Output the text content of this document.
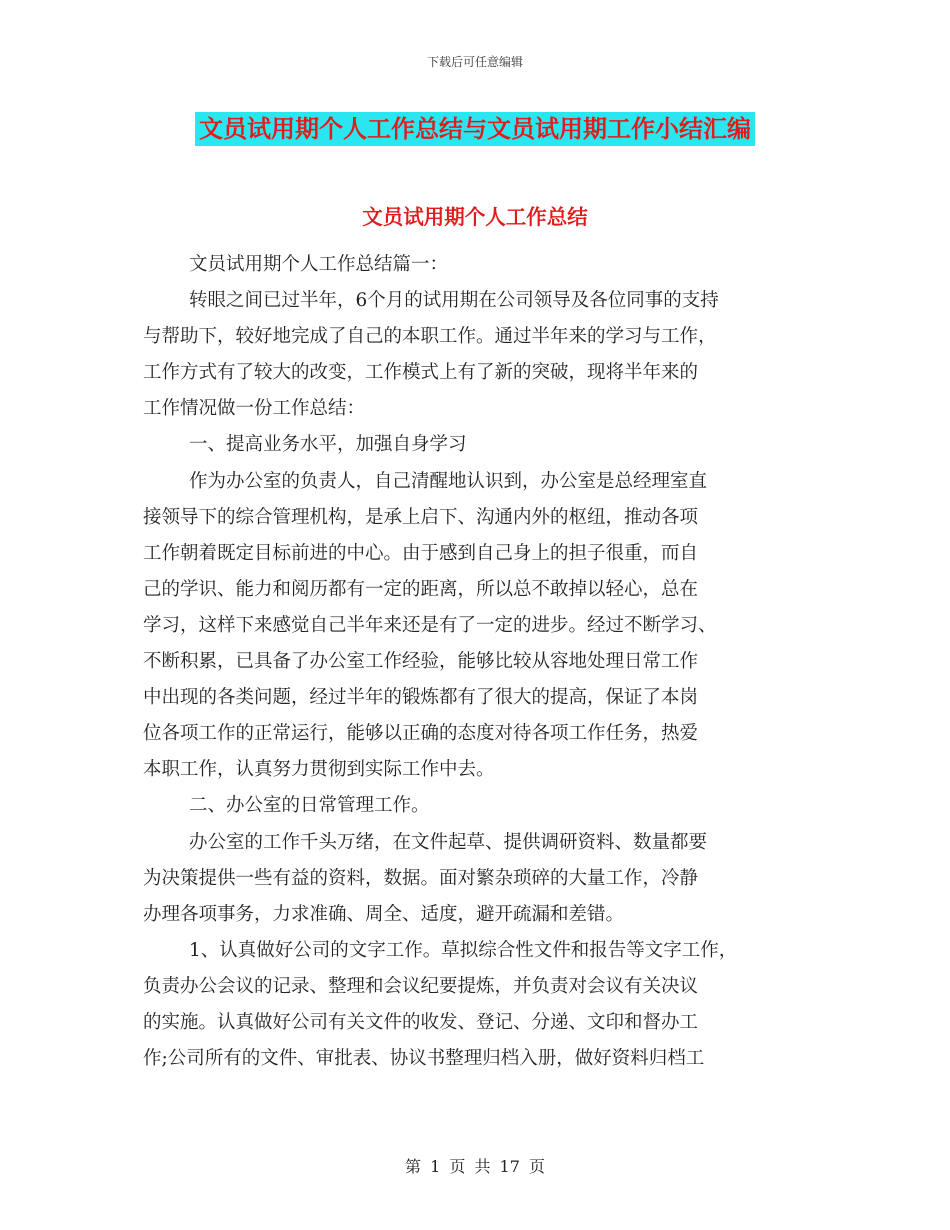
下载后可任意编辑
文员试用期个人工作总结与文员试用期工作小结汇编
文员试用期个人工作总结
文员试用期个人工作总结篇一：
转眼之间已过半年，6个月的试用期在公司领导及各位同事的支持
与帮助下，较好地完成了自己的本职工作。通过半年来的学习与工作，
工作方式有了较大的改变，工作模式上有了新的突破，现将半年来的
工作情况做一份工作总结：
一、提高业务水平，加强自身学习
作为办公室的负责人，自己清醒地认识到，办公室是总经理室直
接领导下的综合管理机构，是承上启下、沟通内外的枢纽，推动各项
工作朝着既定目标前进的中心。由于感到自己身上的担子很重，而自
己的学识、能力和阅历都有一定的距离，所以总不敢掉以轻心，总在
学习，这样下来感觉自己半年来还是有了一定的进步。经过不断学习、
不断积累，已具备了办公室工作经验，能够比较从容地处理日常工作
中出现的各类问题，经过半年的锻炼都有了很大的提高，保证了本岗
位各项工作的正常运行，能够以正确的态度对待各项工作任务，热爱
本职工作，认真努力贯彻到实际工作中去。
二、办公室的日常管理工作。
办公室的工作千头万绪，在文件起草、提供调研资料、数量都要
为决策提供一些有益的资料，数据。面对繁杂琐碎的大量工作，冷静
办理各项事务，力求准确、周全、适度，避开疏漏和差错。
1、认真做好公司的文字工作。草拟综合性文件和报告等文字工作，
负责办公会议的记录、整理和会议纪要提炼，并负责对会议有关决议
的实施。认真做好公司有关文件的收发、登记、分递、文印和督办工
作;公司所有的文件、审批表、协议书整理归档入册，做好资料归档工
第 1 页 共 17 页
